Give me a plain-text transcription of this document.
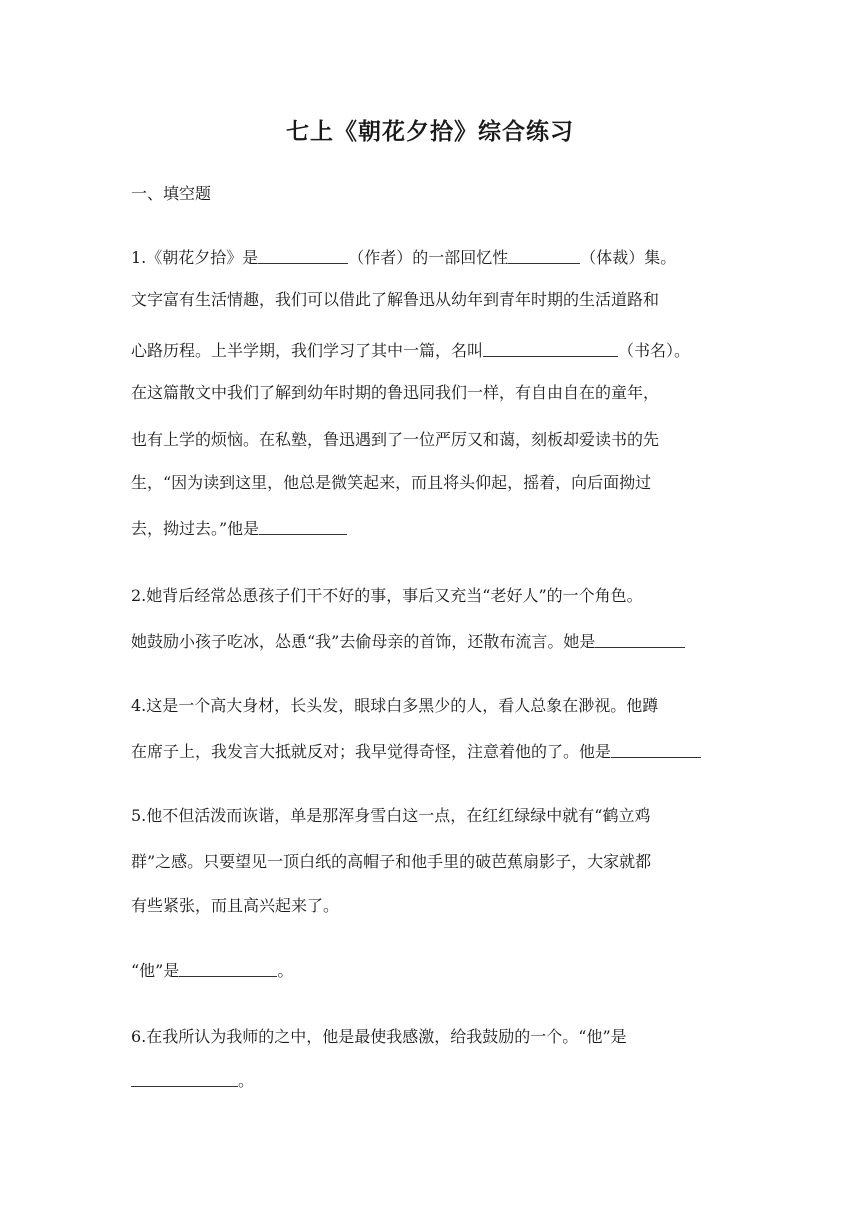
七上《朝花夕拾》综合练习
一、填空题
1.《朝花夕拾》是	（作者）的一部回忆性	（体裁）集。
文字富有生活情趣，我们可以借此了解鲁迅从幼年到青年时期的生活道路和
心路历程。上半学期，我们学习了其中一篇，名叫	（书名）。
在这篇散文中我们了解到幼年时期的鲁迅同我们一样，有自由自在的童年，
也有上学的烦恼。在私塾，鲁迅遇到了一位严厉又和蔼，刻板却爱读书的先
生，“因为读到这里，他总是微笑起来，而且将头仰起，摇着，向后面拗过
去，拗过去。”他是
2.她背后经常怂恿孩子们干不好的事，事后又充当“老好人”的一个角色。
她鼓励小孩子吃冰，怂恿“我”去偷母亲的首饰，还散布流言。她是
4.这是一个高大身材，长头发，眼球白多黑少的人，看人总象在渺视。他蹲
在席子上，我发言大抵就反对；我早觉得奇怪，注意着他的了。他是
5.他不但活泼而诙谐，单是那浑身雪白这一点，在红红绿绿中就有“鹤立鸡
群”之感。只要望见一顶白纸的高帽子和他手里的破芭蕉扇影子，大家就都
有些紧张，而且高兴起来了。
“他”是	。
6.在我所认为我师的之中，他是最使我感激，给我鼓励的一个。“他”是
。
